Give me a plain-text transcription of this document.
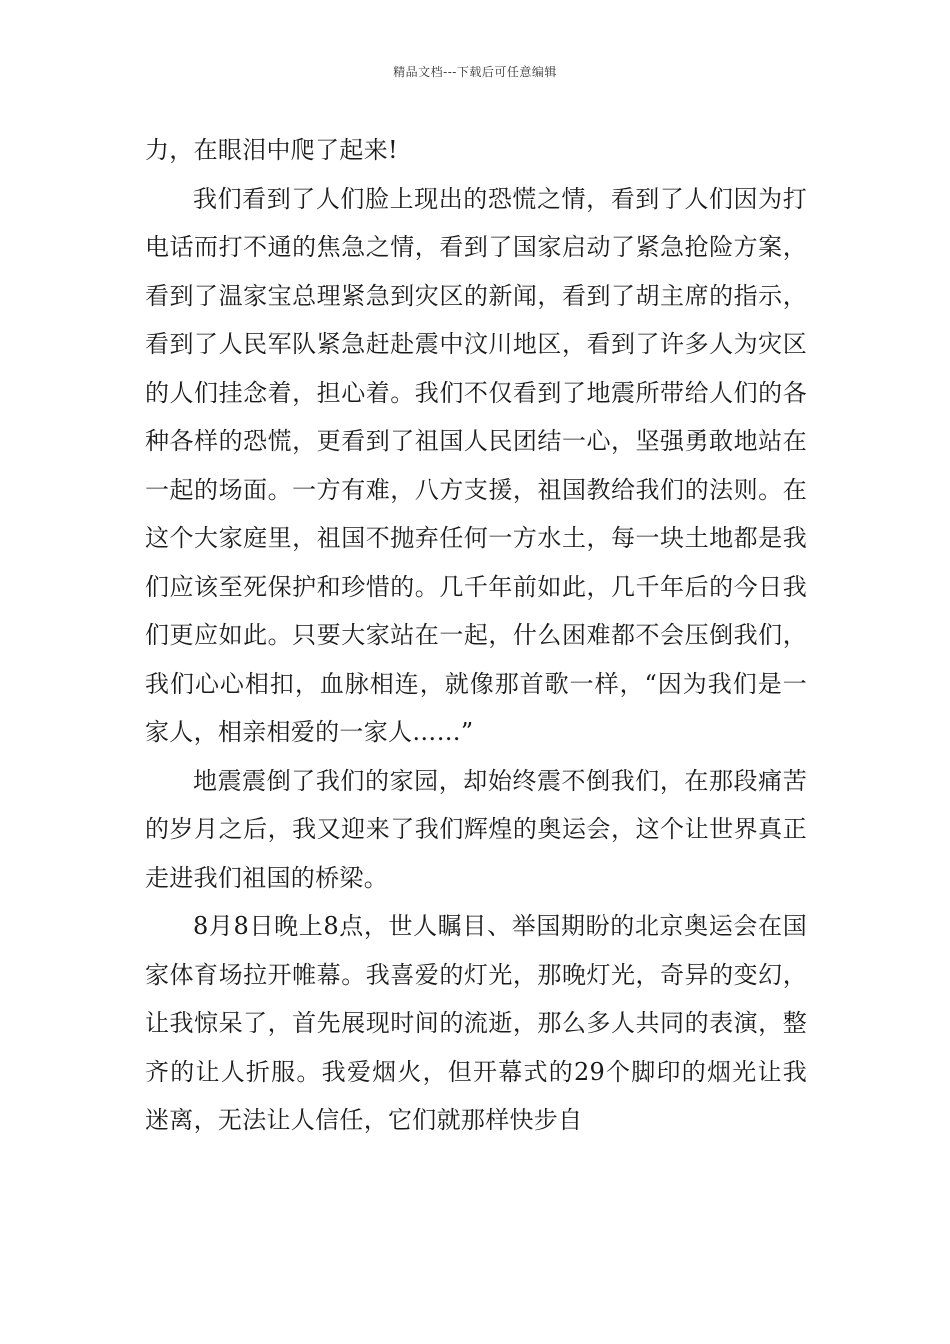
精品文档---下载后可任意编辑

力，在眼泪中爬了起来!

我们看到了人们脸上现出的恐慌之情，看到了人们因为打电话而打不通的焦急之情，看到了国家启动了紧急抢险方案，看到了温家宝总理紧急到灾区的新闻，看到了胡主席的指示，看到了人民军队紧急赶赴震中汶川地区，看到了许多人为灾区的人们挂念着，担心着。我们不仅看到了地震所带给人们的各种各样的恐慌，更看到了祖国人民团结一心，坚强勇敢地站在一起的场面。一方有难，八方支援，祖国教给我们的法则。在这个大家庭里，祖国不抛弃任何一方水土，每一块土地都是我们应该至死保护和珍惜的。几千年前如此，几千年后的今日我们更应如此。只要大家站在一起，什么困难都不会压倒我们，我们心心相扣，血脉相连，就像那首歌一样，“因为我们是一家人，相亲相爱的一家人……”

地震震倒了我们的家园，却始终震不倒我们，在那段痛苦的岁月之后，我又迎来了我们辉煌的奥运会，这个让世界真正走进我们祖国的桥梁。

8月8日晚上8点，世人瞩目、举国期盼的北京奥运会在国家体育场拉开帷幕。我喜爱的灯光，那晚灯光，奇异的变幻，让我惊呆了，首先展现时间的流逝，那么多人共同的表演，整齐的让人折服。我爱烟火，但开幕式的29个脚印的烟光让我迷离，无法让人信任，它们就那样快步自
